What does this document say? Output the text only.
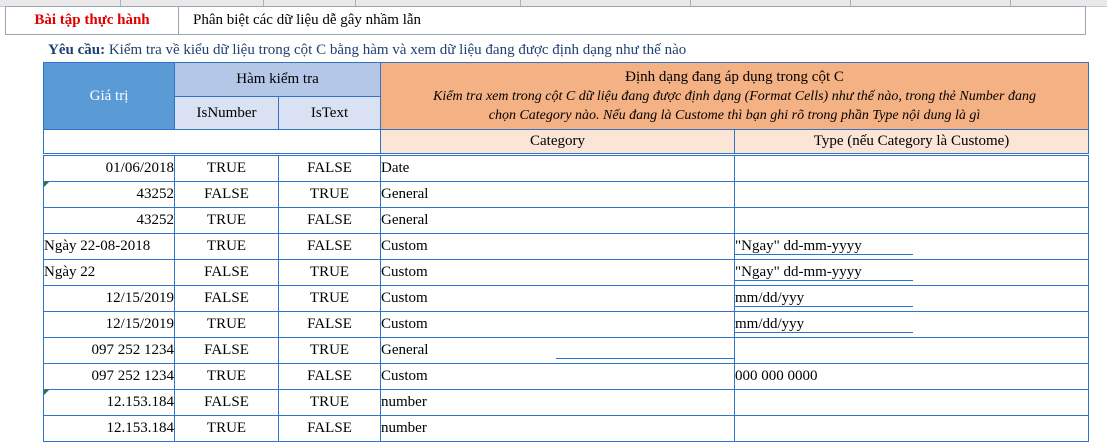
Bài tập thực hành	Phân biệt các dữ liệu dễ gây nhầm lẫn
Yêu cầu: Kiểm tra về kiểu dữ liệu trong cột C bằng hàm và xem dữ liệu đang được định dạng như thế nào
Giá trị	Hàm kiểm tra		Định dạng đang áp dụng trong cột C
Kiểm tra xem trong cột C dữ liệu đang được định dạng (Format Cells) như thế nào, trong thẻ Number đang
chọn Category nào. Nếu đang là Custome thì bạn ghi rõ trong phần Type nội dung là gì	

	IsNumber	IsText		
			Category	Type (nếu Category là Custome)
01/06/2018	TRUE	FALSE	Date	
43252	FALSE	TRUE	General	
43252	TRUE	FALSE	General	
Ngày 22-08-2018	TRUE	FALSE	Custom	"Ngay" dd-mm-yyyy

Ngày 22	FALSE	TRUE	Custom	"Ngay" dd-mm-yyyy

12/15/2019	FALSE	TRUE	Custom	mm/dd/yyy

12/15/2019	TRUE	FALSE	Custom	mm/dd/yyy

097 252 1234	FALSE	TRUE	General

097 252 1234	TRUE	FALSE	Custom	000 000 0000
12.153.184	FALSE	TRUE	number	
12.153.184	TRUE	FALSE	number	
